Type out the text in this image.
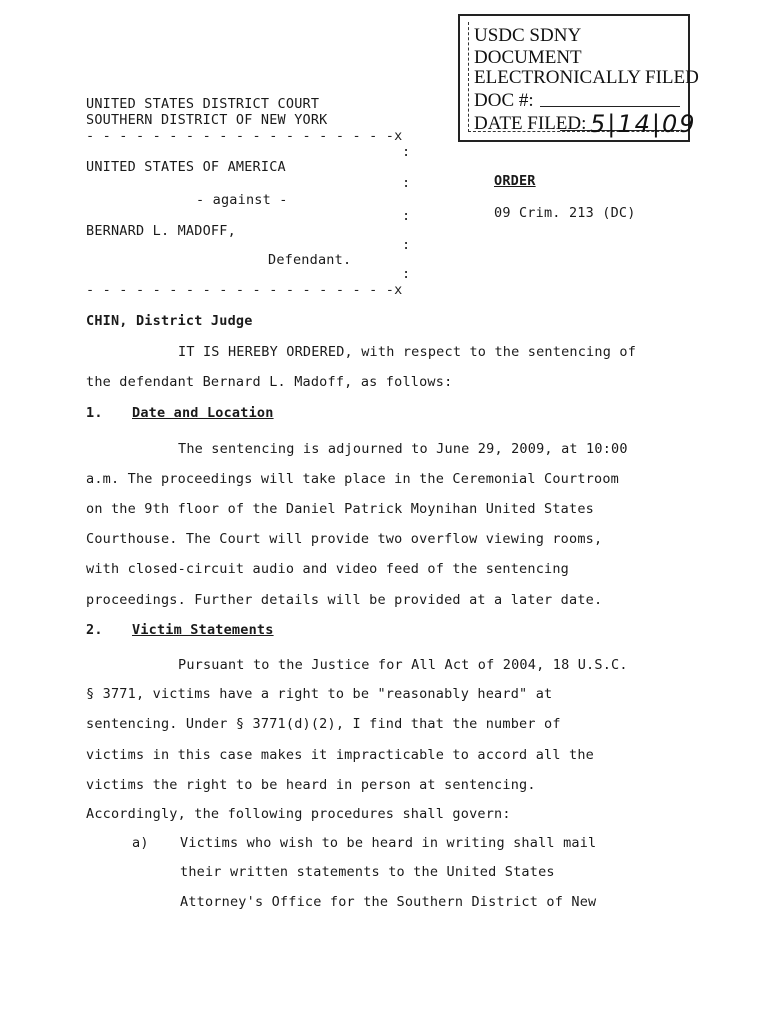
USDC SDNY
DOCUMENT
ELECTRONICALLY FILED
DOC #:
DATE FILED: 5|14|09
UNITED STATES DISTRICT COURT
SOUTHERN DISTRICT OF NEW YORK
- - - - - - - - - - - - - - - - - - -x
:
UNITED STATES OF AMERICA
:
- against -
:
BERNARD L. MADOFF,
:
Defendant.
:
- - - - - - - - - - - - - - - - - - -x
ORDER
09 Crim. 213 (DC)
CHIN, District Judge
IT IS HEREBY ORDERED, with respect to the sentencing of
the defendant Bernard L. Madoff, as follows:
1. Date and Location
The sentencing is adjourned to June 29, 2009, at 10:00
a.m. The proceedings will take place in the Ceremonial Courtroom
on the 9th floor of the Daniel Patrick Moynihan United States
Courthouse. The Court will provide two overflow viewing rooms,
with closed-circuit audio and video feed of the sentencing
proceedings. Further details will be provided at a later date.
2. Victim Statements
Pursuant to the Justice for All Act of 2004, 18 U.S.C.
§ 3771, victims have a right to be "reasonably heard" at
sentencing. Under § 3771(d)(2), I find that the number of
victims in this case makes it impracticable to accord all the
victims the right to be heard in person at sentencing.
Accordingly, the following procedures shall govern:
a) Victims who wish to be heard in writing shall mail
their written statements to the United States
Attorney's Office for the Southern District of New
